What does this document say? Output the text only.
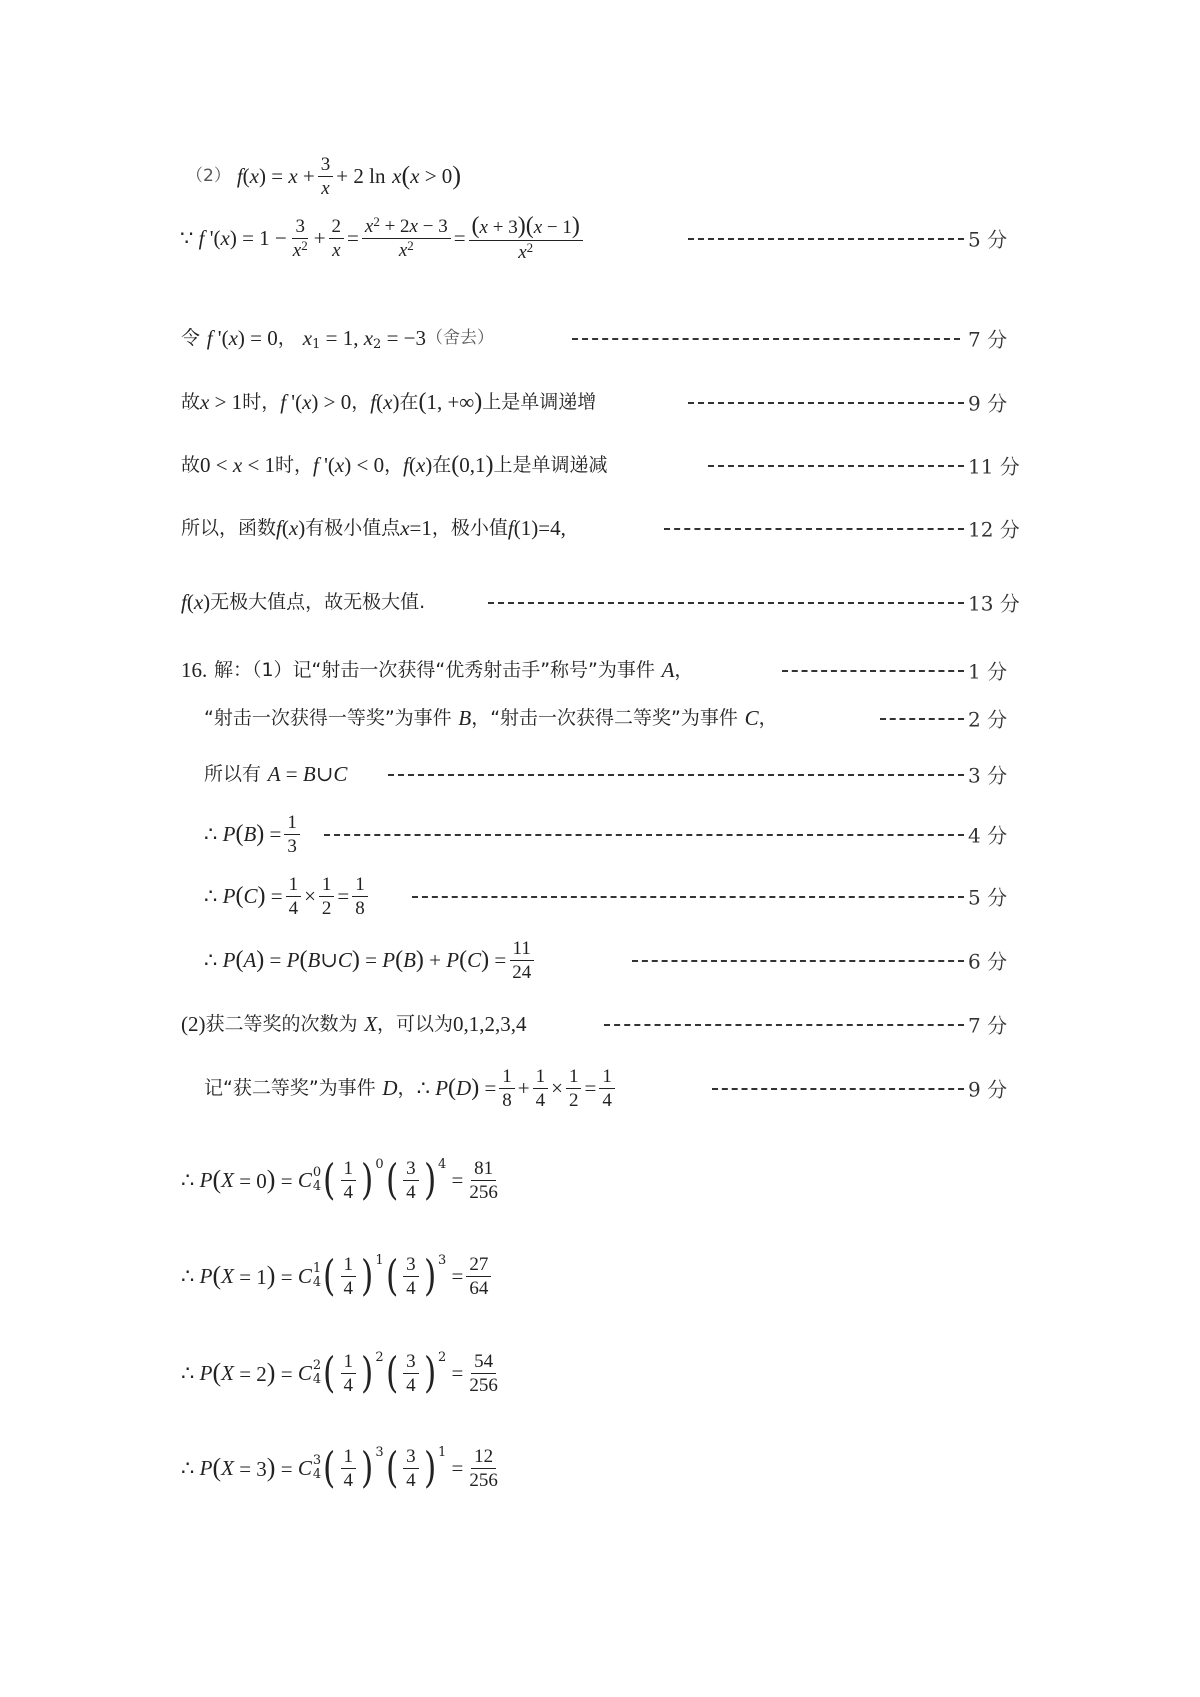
（2） f ( x ) = $x + \frac{3}{x} + 2$ ln
x ( x > 0 )
∵ f '( x ) = $1 - \frac{3}{x^2} + \frac{2}{x} = \frac{x^2 + 2x - 3}{x^2} = \frac{(x + 3)(x - 1)}{x^2}$	5 分
令
f '( x ) = 0 ， x 1 = 1, x 2 = −3 （舍去）	7 分
故 x > 1 时， f '( x ) > 0 ， f ( x ) 在 (1, +∞) 上是单调递增	9 分
故 0 < x < 1 时， f '( x ) < 0 ， f ( x ) 在 (0,1) 上是单调递减	11 分
所以，函数 f ( x ) 有极小值点 x =1 ，极小值 f (1)=4,	12 分
f ( x ) 无极大值点，故无极大值.	13 分
16.
解：（1）记“射击一次获得“优秀射击手”称号”为事件
A ，	1 分
“射击一次获得一等奖”为事件
B ，“射击一次获得二等奖”为事件
C ，	2 分
所以有
A = B ∪ C	3 分
∴ P ( B ) = $\frac{1}{3}$	4 分
∴ P ( C ) = $\frac{1}{4} \times \frac{1}{2} = \frac{1}{8}$	5 分
∴ P ( A ) = P ( B ∪ C ) = P ( B ) + P ( C ) = $\frac{11}{24}$	6 分
(2) 获二等奖的次数为
X ，可以为 0,1,2,3,4	7 分
记“获二等奖”为事件
D ， ∴ P ( D ) = $\frac{1}{8} + \frac{1}{4} \times \frac{1}{2} = \frac{1}{4}$	9 分
∴ P ( X = 0) = C 0
4 ( $\frac{1}{4}$ ) 0 ( $\frac{3}{4}$ ) 4
= $\frac{81}{256}$
∴ P ( X = 1) = C 1
4 ( $\frac{1}{4}$ ) 1 ( $\frac{3}{4}$ ) 3
= $\frac{27}{64}$
∴ P ( X = 2) = C 2
4 ( $\frac{1}{4}$ ) 2 ( $\frac{3}{4}$ ) 2
= $\frac{54}{256}$
∴ P ( X = 3) = C 3
4 ( $\frac{1}{4}$ ) 3 ( $\frac{3}{4}$ ) 1
= $\frac{12}{256}$
